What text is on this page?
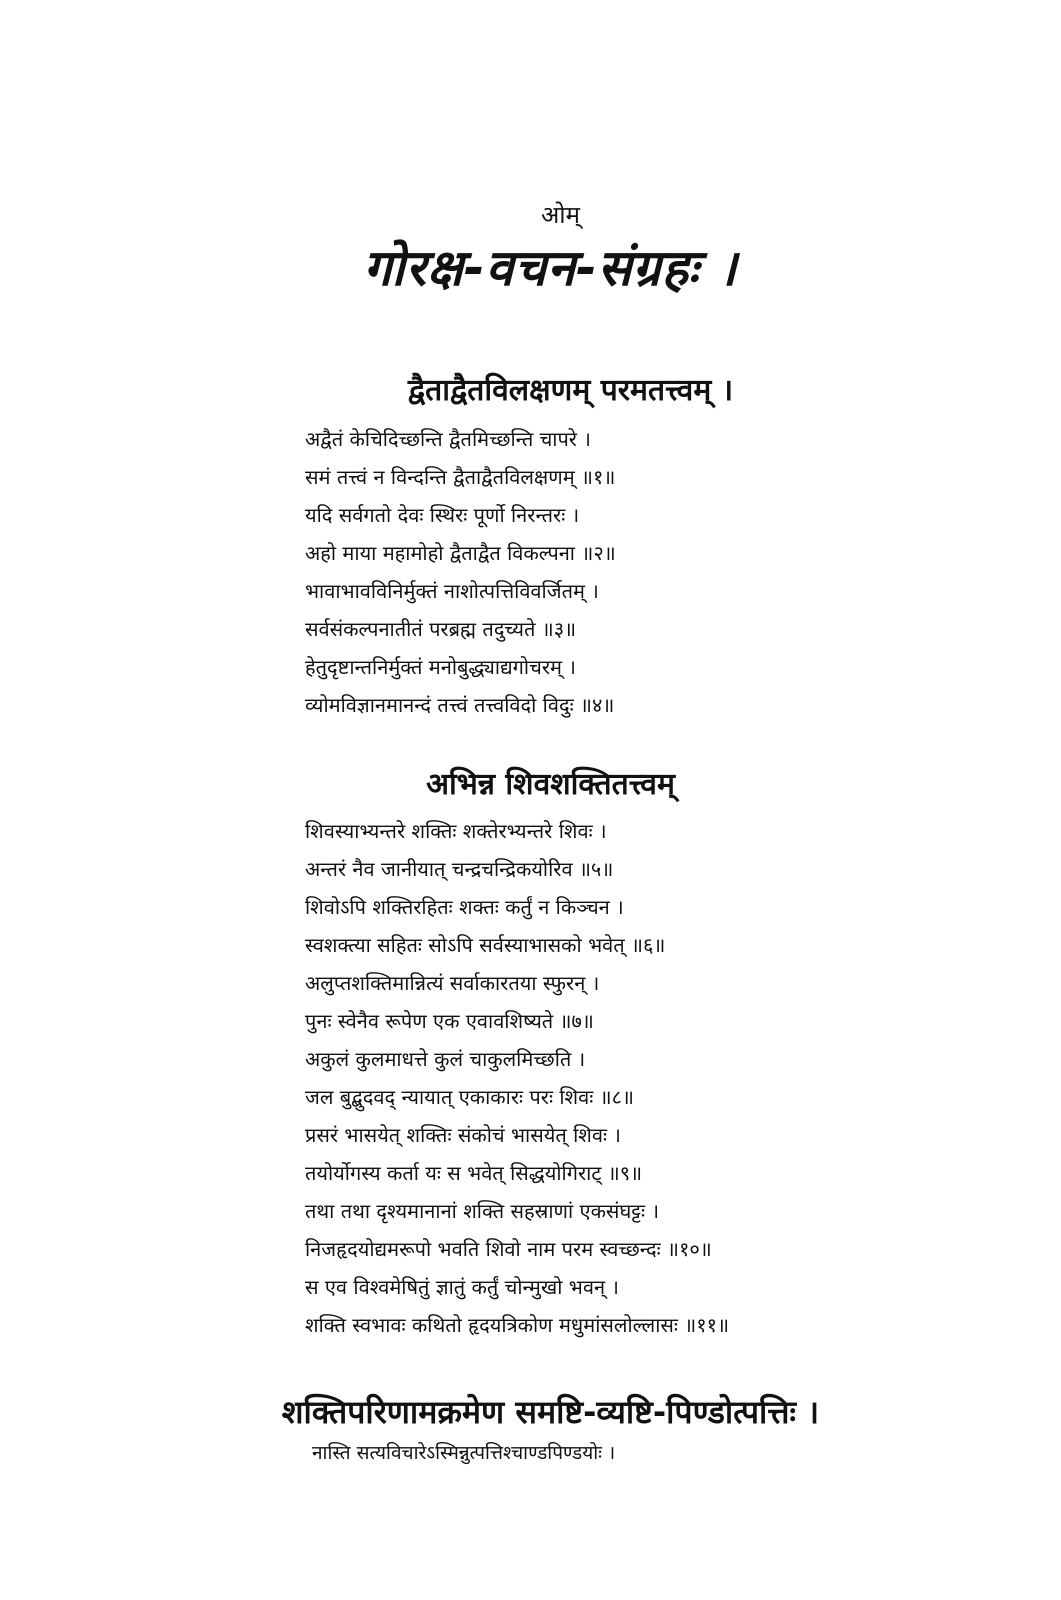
ओम्
गोरक्ष-वचन-संग्रहः ।
द्वैताद्वैतविलक्षणम् परमतत्त्वम् ।
अद्वैतं केचिदिच्छन्ति द्वैतमिच्छन्ति चापरे ।
समं तत्त्वं न विन्दन्ति द्वैताद्वैतविलक्षणम् ॥१॥
यदि सर्वगतो देवः स्थिरः पूर्णो निरन्तरः ।
अहो माया महामोहो द्वैताद्वैत विकल्पना ॥२॥
भावाभावविनिर्मुक्तं नाशोत्पत्तिविवर्जितम् ।
सर्वसंकल्पनातीतं परब्रह्म तदुच्यते ॥३॥
हेतुदृष्टान्तनिर्मुक्तं मनोबुद्ध्याद्यगोचरम् ।
व्योमविज्ञानमानन्दं तत्त्वं तत्त्वविदो विदुः ॥४॥
अभिन्न शिवशक्तितत्त्वम्
शिवस्याभ्यन्तरे शक्तिः शक्तेरभ्यन्तरे शिवः ।
अन्तरं नैव जानीयात् चन्द्रचन्द्रिकयोरिव ॥५॥
शिवोऽपि शक्तिरहितः शक्तः कर्तुं न किञ्चन ।
स्वशक्त्या सहितः सोऽपि सर्वस्याभासको भवेत् ॥६॥
अलुप्तशक्तिमान्नित्यं सर्वाकारतया स्फुरन् ।
पुनः स्वेनैव रूपेण एक एवावशिष्यते ॥७॥
अकुलं कुलमाधत्ते कुलं चाकुलमिच्छति ।
जल बुद्बुदवद् न्यायात् एकाकारः परः शिवः ॥८॥
प्रसरं भासयेत् शक्तिः संकोचं भासयेत् शिवः ।
तयोर्योगस्य कर्ता यः स भवेत् सिद्धयोगिराट् ॥९॥
तथा तथा दृश्यमानानां शक्ति सहस्राणां एकसंघट्टः ।
निजहृदयोद्यमरूपो भवति शिवो नाम परम स्वच्छन्दः ॥१०॥
स एव विश्वमेषितुं ज्ञातुं कर्तुं चोन्मुखो भवन् ।
शक्ति स्वभावः कथितो हृदयत्रिकोण मधुमांसलोल्लासः ॥११॥
शक्तिपरिणामक्रमेण समष्टि-व्यष्टि-पिण्डोत्पत्तिः ।
नास्ति सत्यविचारेऽस्मिन्नुत्पत्तिश्चाण्डपिण्डयोः ।
